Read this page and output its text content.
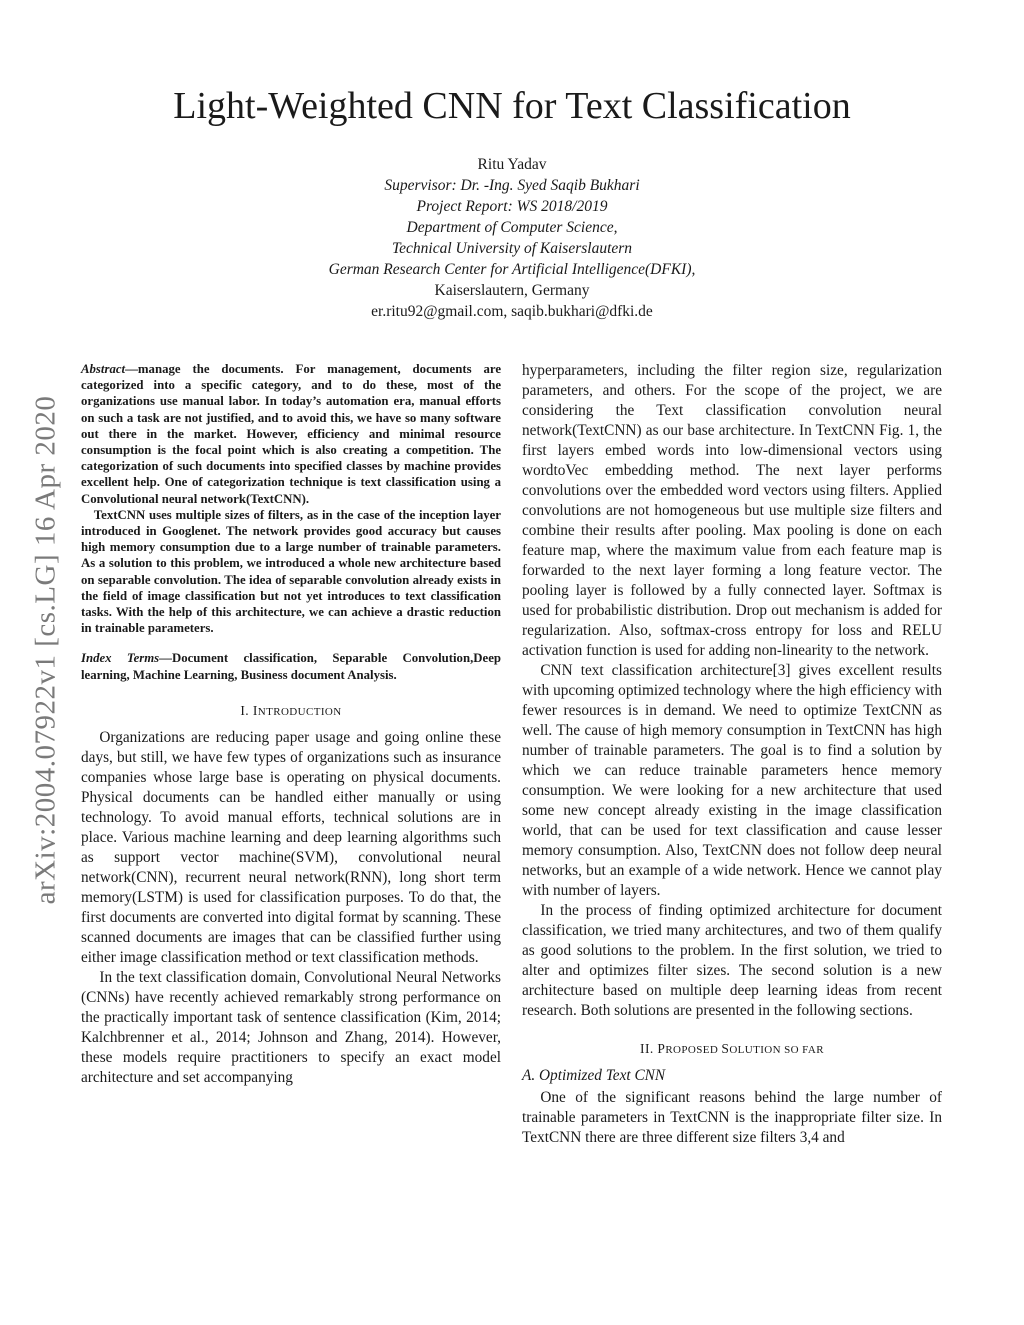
arXiv:2004.07922v1 [cs.LG] 16 Apr 2020
Light-Weighted CNN for Text Classification
Ritu Yadav
Supervisor: Dr. -Ing. Syed Saqib Bukhari
Project Report: WS 2018/2019
Department of Computer Science,
Technical University of Kaiserslautern
German Research Center for Artificial Intelligence(DFKI),
Kaiserslautern, Germany
er.ritu92@gmail.com, saqib.bukhari@dfki.de

Abstract—manage the documents. For management, documents are categorized into a specific category, and to do these, most of the organizations use manual labor. In today’s automation era, manual efforts on such a task are not justified, and to avoid this, we have so many software out there in the market. However, efficiency and minimal resource consumption is the focal point which is also creating a competition. The categorization of such documents into specified classes by machine provides excellent help. One of categorization technique is text classification using a Convolutional neural network(TextCNN).

TextCNN uses multiple sizes of filters, as in the case of the inception layer introduced in Googlenet. The network provides good accuracy but causes high memory consumption due to a large number of trainable parameters. As a solution to this problem, we introduced a whole new architecture based on separable convolution. The idea of separable convolution already exists in the field of image classification but not yet introduces to text classification tasks. With the help of this architecture, we can achieve a drastic reduction in trainable parameters.

Index Terms—Document classification, Separable Convolution,Deep learning, Machine Learning, Business document Analysis.
I. INTRODUCTION

Organizations are reducing paper usage and going online these days, but still, we have few types of organizations such as insurance companies whose large base is operating on physical documents. Physical documents can be handled either manually or using technology. To avoid manual efforts, technical solutions are in place. Various machine learning and deep learning algorithms such as support vector machine(SVM), convolutional neural network(CNN), recurrent neural network(RNN), long short term memory(LSTM) is used for classification purposes. To do that, the first documents are converted into digital format by scanning. These scanned documents are images that can be classified further using either image classification method or text classification methods.

In the text classification domain, Convolutional Neural Networks (CNNs) have recently achieved remarkably strong performance on the practically important task of sentence classification (Kim, 2014; Kalchbrenner et al., 2014; Johnson and Zhang, 2014). However, these models require practitioners to specify an exact model architecture and set accompanying

hyperparameters, including the filter region size, regularization parameters, and others. For the scope of the project, we are considering the Text classification convolution neural network(TextCNN) as our base architecture. In TextCNN Fig. 1, the first layers embed words into low-dimensional vectors using wordtoVec embedding method. The next layer performs convolutions over the embedded word vectors using filters. Applied convolutions are not homogeneous but use multiple size filters and combine their results after pooling. Max pooling is done on each feature map, where the maximum value from each feature map is forwarded to the next layer forming a long feature vector. The pooling layer is followed by a fully connected layer. Softmax is used for probabilistic distribution. Drop out mechanism is added for regularization. Also, softmax-cross entropy for loss and RELU activation function is used for adding non-linearity to the network.

CNN text classification architecture[3] gives excellent results with upcoming optimized technology where the high efficiency with fewer resources is in demand. We need to optimize TextCNN as well. The cause of high memory consumption in TextCNN has high number of trainable parameters. The goal is to find a solution by which we can reduce trainable parameters hence memory consumption. We were looking for a new architecture that used some new concept already existing in the image classification world, that can be used for text classification and cause lesser memory consumption. Also, TextCNN does not follow deep neural networks, but an example of a wide network. Hence we cannot play with number of layers.

In the process of finding optimized architecture for document classification, we tried many architectures, and two of them qualify as good solutions to the problem. In the first solution, we tried to alter and optimizes filter sizes. The second solution is a new architecture based on multiple deep learning ideas from recent research. Both solutions are presented in the following sections.

II. PROPOSED SOLUTION SO FAR
A. Optimized Text CNN

One of the significant reasons behind the large number of trainable parameters in TextCNN is the inappropriate filter size. In TextCNN there are three different size filters 3,4 and
